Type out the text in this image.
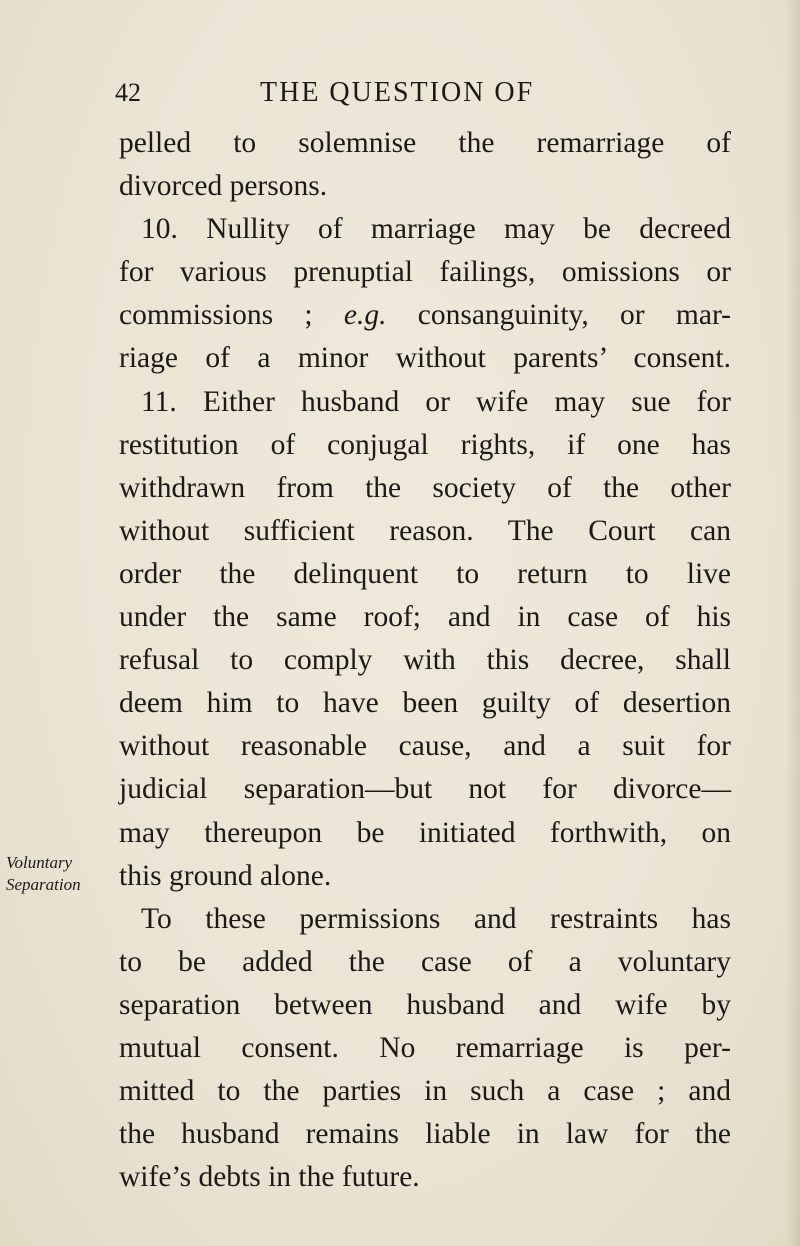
42	THE QUESTION OF
Voluntary
Separation
pelled to solemnise the remarriage of
divorced persons.
10. Nullity of marriage may be decreed
for various prenuptial failings, omissions or
commissions ; e.g. consanguinity, or mar-
riage of a minor without parents’ consent.
11. Either husband or wife may sue for
restitution of conjugal rights, if one has
withdrawn from the society of the other
without sufficient reason. The Court can
order the delinquent to return to live
under the same roof; and in case of his
refusal to comply with this decree, shall
deem him to have been guilty of desertion
without reasonable cause, and a suit for
judicial separation—but not for divorce—
may thereupon be initiated forthwith, on
this ground alone.
To these permissions and restraints has
to be added the case of a voluntary
separation between husband and wife by
mutual consent. No remarriage is per-
mitted to the parties in such a case ; and
the husband remains liable in law for the
wife’s debts in the future.
